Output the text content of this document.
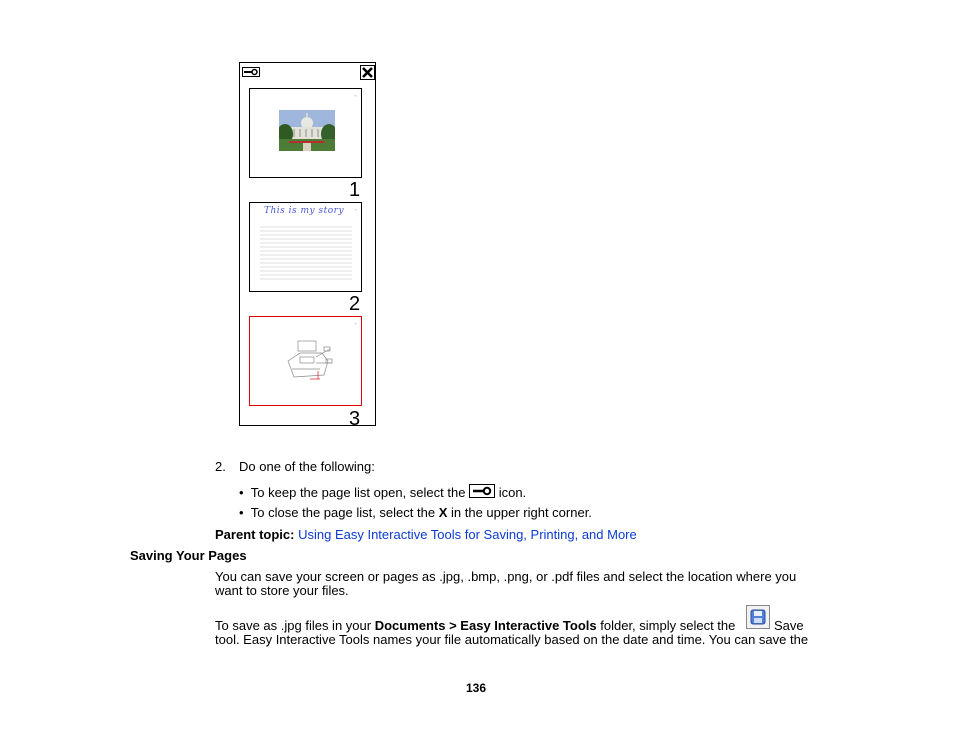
◦◦
1
◦◦
This is my story
2
◦◦
3
2. Do one of the following:
• To keep the page list open, select the	icon.
• To close the page list, select the X in the upper right corner.
Parent topic: Using Easy Interactive Tools for Saving, Printing, and More
Saving Your Pages
You can save your screen or pages as .jpg, .bmp, .png, or .pdf files and select the location where you
want to store your files.
To save as .jpg files in your Documents > Easy Interactive Tools folder, simply select the	Save
tool. Easy Interactive Tools names your file automatically based on the date and time. You can save the
136
